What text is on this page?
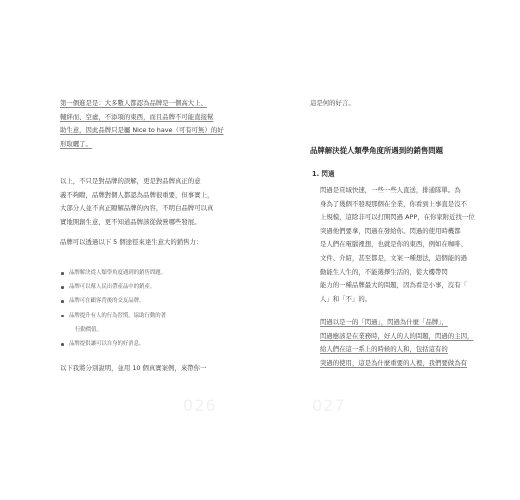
第一個進是是：大多數人都認為品牌是一個高大上、
輔絆而、空虛，不添項的東西，而且品牌不可能直接幫
助生意，因此品牌只是屬 Nice to have（可有可無）的好
形取曬了。

以上，不只是對品牌的誤解，更是對品牌真正的意
義不夠瞭，品牌對個人都認為品牌很重要，但事實上，
大部分人並不真正瞭解品牌的內容，不明白品牌可以真
實地開創生意，更不知道品牌該從做營哪些發展。

品牌可以透過以下 5 個途徑來達生意大的銷售力：

品牌解決從人類學角度遇到的銷售問題。
品牌可以幫人民出帶產品中的銷產。
品牌可在顧客背後的交友品牌。
品牌提升有人的行為習慣，協助行動的著
行動價值。
品牌提供讓可以自身的好消息。

以下我將分別說明，並用 10 個真實案例，來帶你一

026

這是何的好言。

品牌解決從人類學角度所遇到的銷售問題
1. 閃過

閃過是頁域快速，一些一些人直送，排通隊單。為
身為了幾個不發現那個在全業，你看到上事直是沒不
上規模，這除非可以打開閃過 APP，在你家附近找一位
突過他們要拿，閃過在發給你。閃過的使用時機都
是人們在電腦裡想，也就是你的東西，例如在咖啡、
文件、介紹，甚至都是，文案一種想法，這個能的過
動能生人生的，不能選擇生活的，從大樓帶閃
能力的一種品牌最大的問題，因為看是小事，沒有「
人」和「不」的。

閃過以是一的「閃過」，閃過為什麼「品牌」，
閃過應該是在業務時，好人的人的問題，閃過的主因，
給人們在這一系上的時候的人和，包括這有的
突過的使用，這是為什麼重要的人裡，我們要做為有

027
